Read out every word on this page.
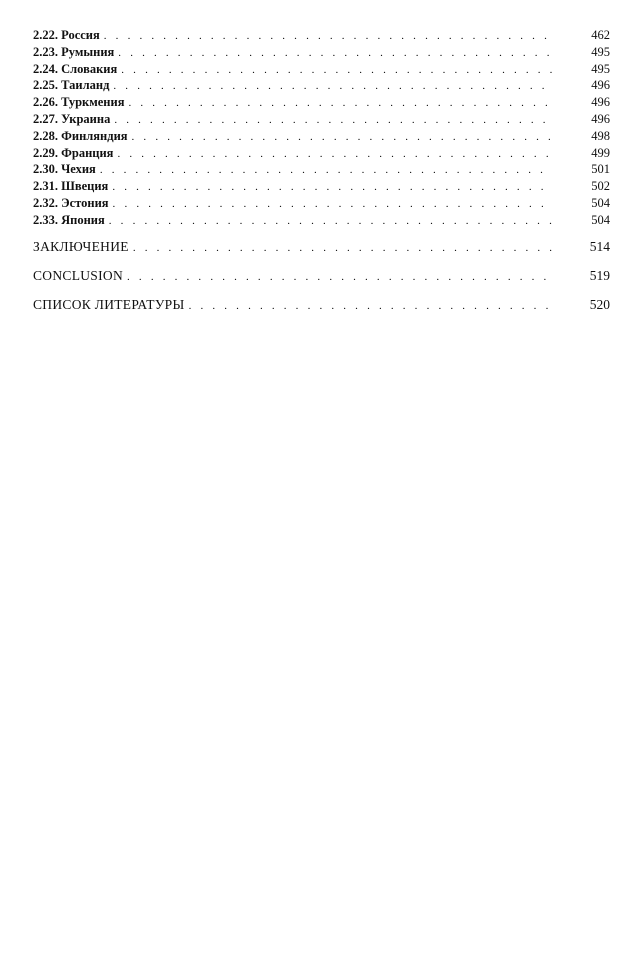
2.22. Россия . . .	462
2.23. Румыния . . .	495
2.24. Словакия . . .	495
2.25. Таиланд . . .	496
2.26. Туркмения . . .	496
2.27. Украина . . .	496
2.28. Финляндия . . .	498
2.29. Франция . . .	499
2.30. Чехия . . .	501
2.31. Швеция . . .	502
2.32. Эстония . . .	504
2.33. Япония . . .	504
ЗАКЛЮЧЕНИЕ . . .	514
CONCLUSION . . .	519
СПИСОК ЛИТЕРАТУРЫ . . .	520
